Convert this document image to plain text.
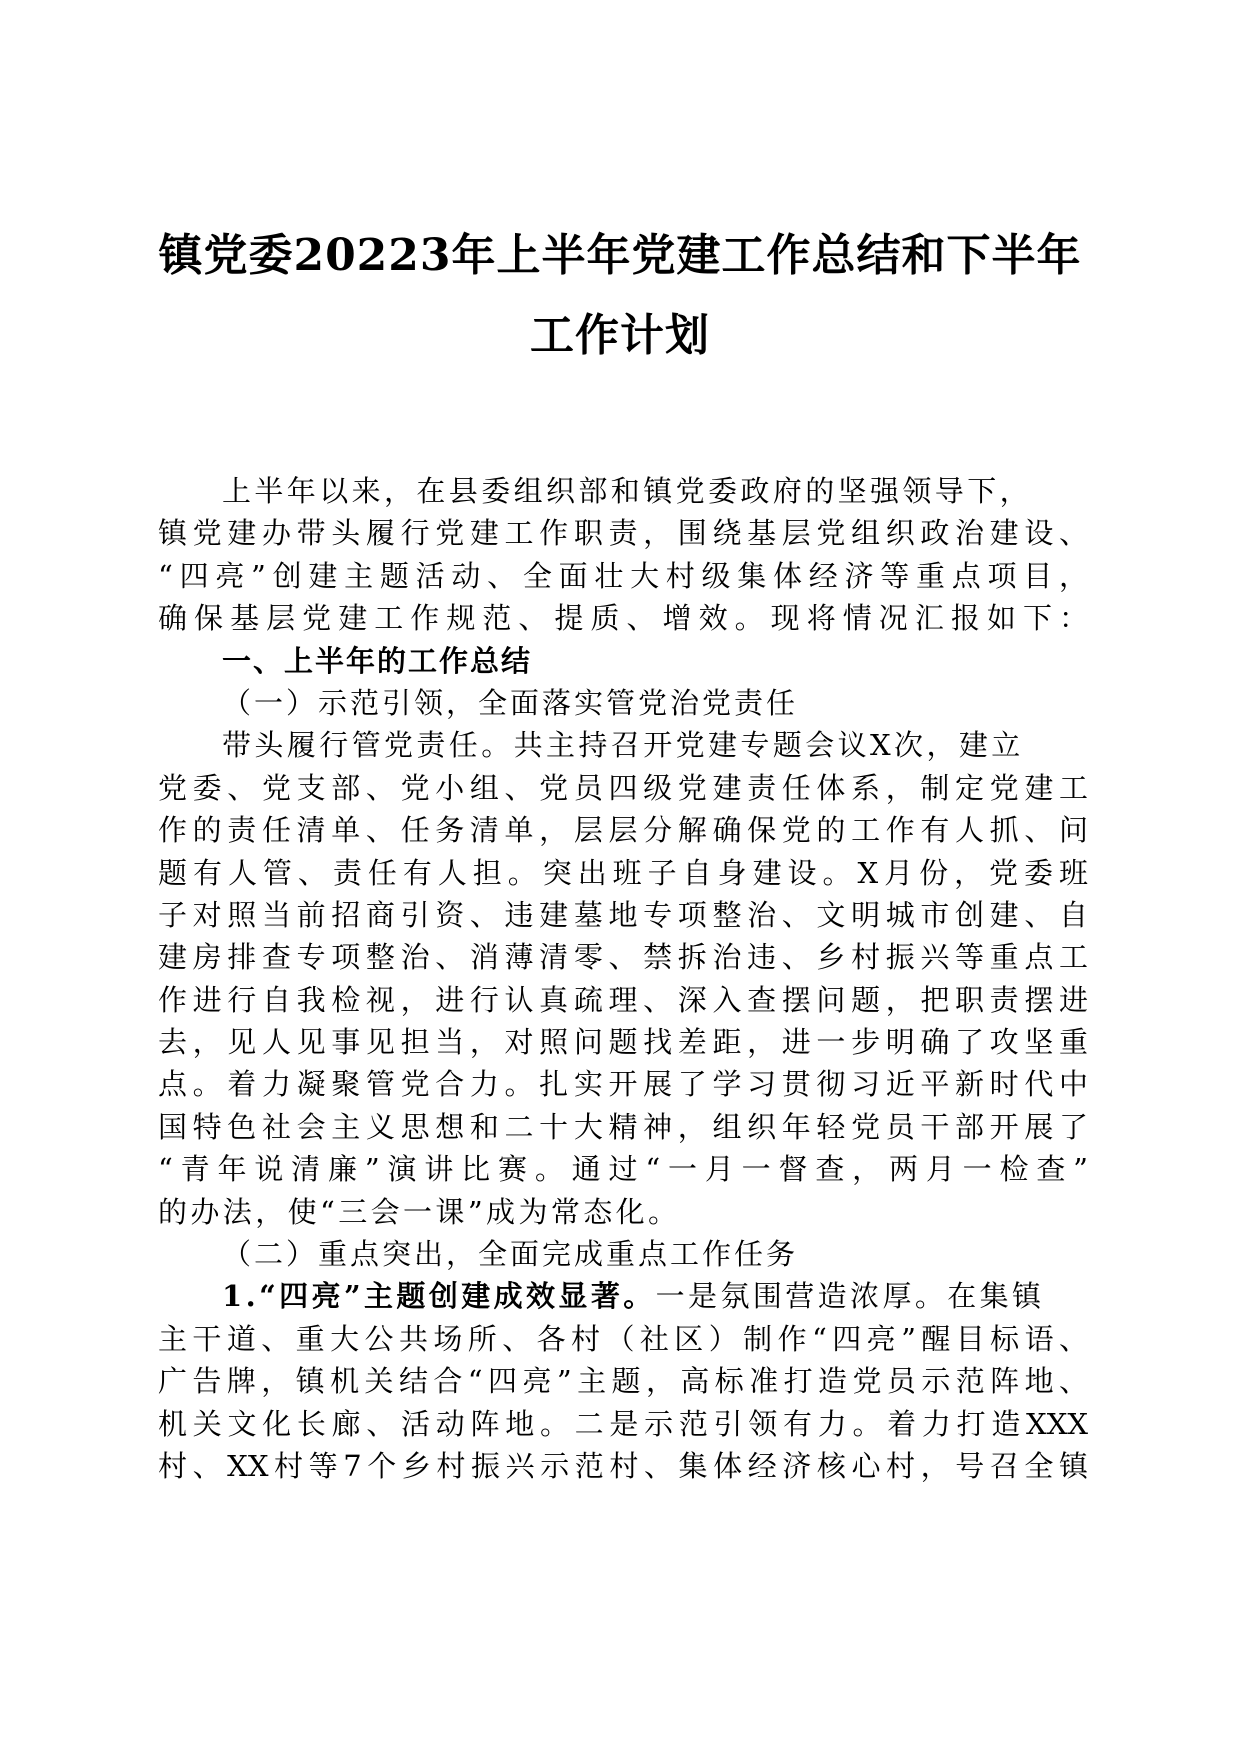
镇党委20223年上半年党建工作总结和下半年
工作计划
上半年以来，在县委组织部和镇党委政府的坚强领导下，
镇党建办带头履行党建工作职责，围绕基层党组织政治建设、
“四亮”创建主题活动、全面壮大村级集体经济等重点项目，
确保基层党建工作规范、提质、增效。现将情况汇报如下：
一、上半年的工作总结
（一）示范引领，全面落实管党治党责任
带头履行管党责任。共主持召开党建专题会议X次，建立
党委、党支部、党小组、党员四级党建责任体系，制定党建工
作的责任清单、任务清单，层层分解确保党的工作有人抓、问
题有人管、责任有人担。突出班子自身建设。X月份，党委班
子对照当前招商引资、违建墓地专项整治、文明城市创建、自
建房排查专项整治、消薄清零、禁拆治违、乡村振兴等重点工
作进行自我检视，进行认真疏理、深入查摆问题，把职责摆进
去，见人见事见担当，对照问题找差距，进一步明确了攻坚重
点。着力凝聚管党合力。扎实开展了学习贯彻习近平新时代中
国特色社会主义思想和二十大精神，组织年轻党员干部开展了
“青年说清廉”演讲比赛。通过“一月一督查，两月一检查”
的办法，使“三会一课”成为常态化。
（二）重点突出，全面完成重点工作任务
1.“四亮”主题创建成效显著。一是氛围营造浓厚。在集镇
主干道、重大公共场所、各村（社区）制作“四亮”醒目标语、
广告牌，镇机关结合“四亮”主题，高标准打造党员示范阵地、
机关文化长廊、活动阵地。二是示范引领有力。着力打造XXX
村、XX村等7个乡村振兴示范村、集体经济核心村，号召全镇
